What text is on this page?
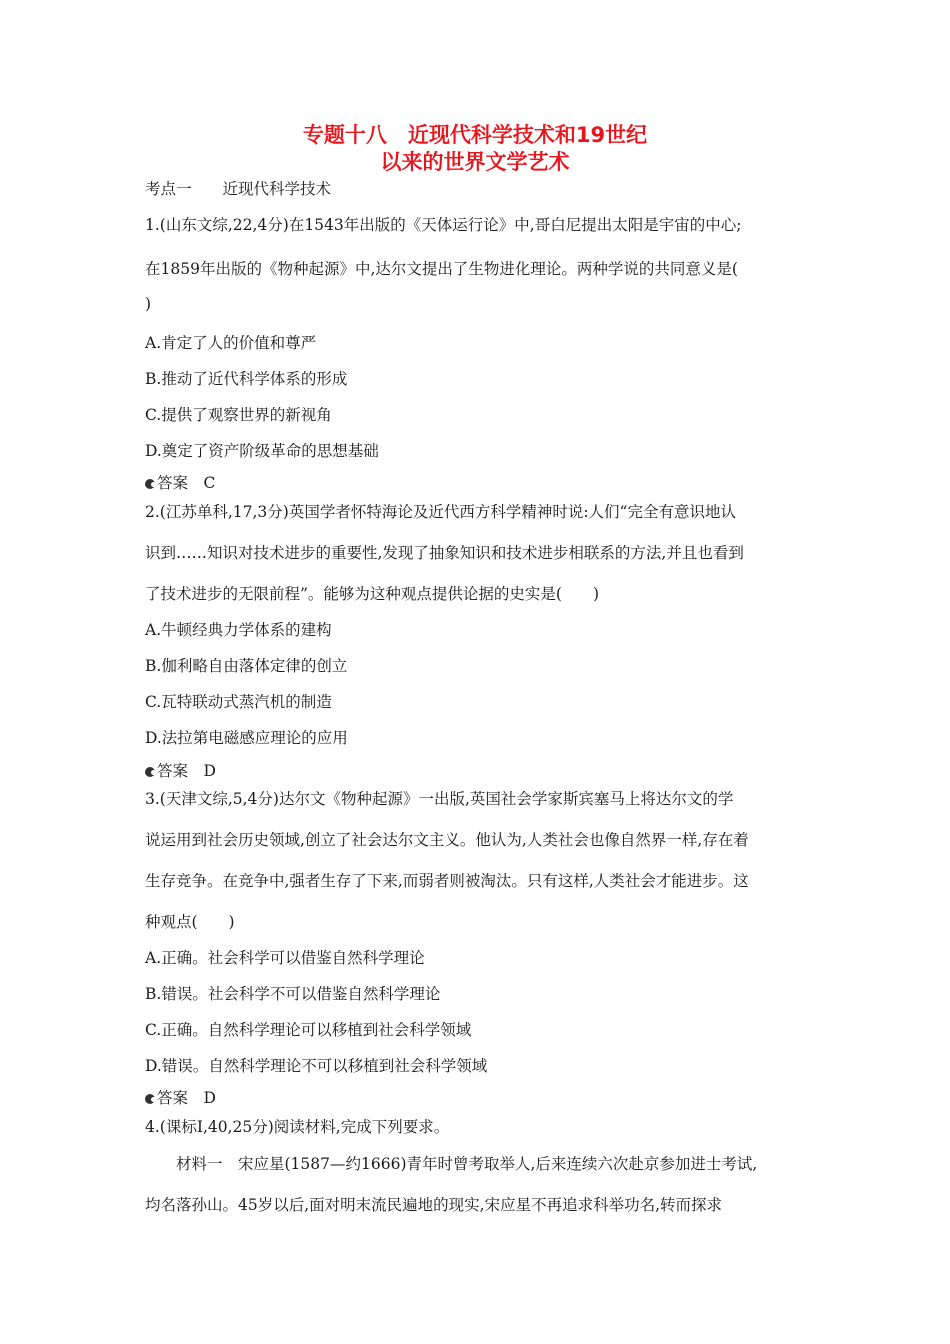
专题十八　近现代科学技术和19世纪
以来的世界文学艺术
考点一　　近现代科学技术
1.(山东文综,22,4分)在1543年出版的《天体运行论》中,哥白尼提出太阳是宇宙的中心;
在1859年出版的《物种起源》中,达尔文提出了生物进化理论。两种学说的共同意义是(
)
A.肯定了人的价值和尊严
B.推动了近代科学体系的形成
C.提供了观察世界的新视角
D.奠定了资产阶级革命的思想基础
答案　C
2.(江苏单科,17,3分)英国学者怀特海论及近代西方科学精神时说:人们“完全有意识地认
识到……知识对技术进步的重要性,发现了抽象知识和技术进步相联系的方法,并且也看到
了技术进步的无限前程”。能够为这种观点提供论据的史实是(　　)
A.牛顿经典力学体系的建构
B.伽利略自由落体定律的创立
C.瓦特联动式蒸汽机的制造
D.法拉第电磁感应理论的应用
答案　D
3.(天津文综,5,4分)达尔文《物种起源》一出版,英国社会学家斯宾塞马上将达尔文的学
说运用到社会历史领域,创立了社会达尔文主义。他认为,人类社会也像自然界一样,存在着
生存竞争。在竞争中,强者生存了下来,而弱者则被淘汰。只有这样,人类社会才能进步。这
种观点(　　)
A.正确。社会科学可以借鉴自然科学理论
B.错误。社会科学不可以借鉴自然科学理论
C.正确。自然科学理论可以移植到社会科学领域
D.错误。自然科学理论不可以移植到社会科学领域
答案　D
4.(课标Ⅰ,40,25分)阅读材料,完成下列要求。
材料一　宋应星(1587—约1666)青年时曾考取举人,后来连续六次赴京参加进士考试,
均名落孙山。45岁以后,面对明末流民遍地的现实,宋应星不再追求科举功名,转而探求
